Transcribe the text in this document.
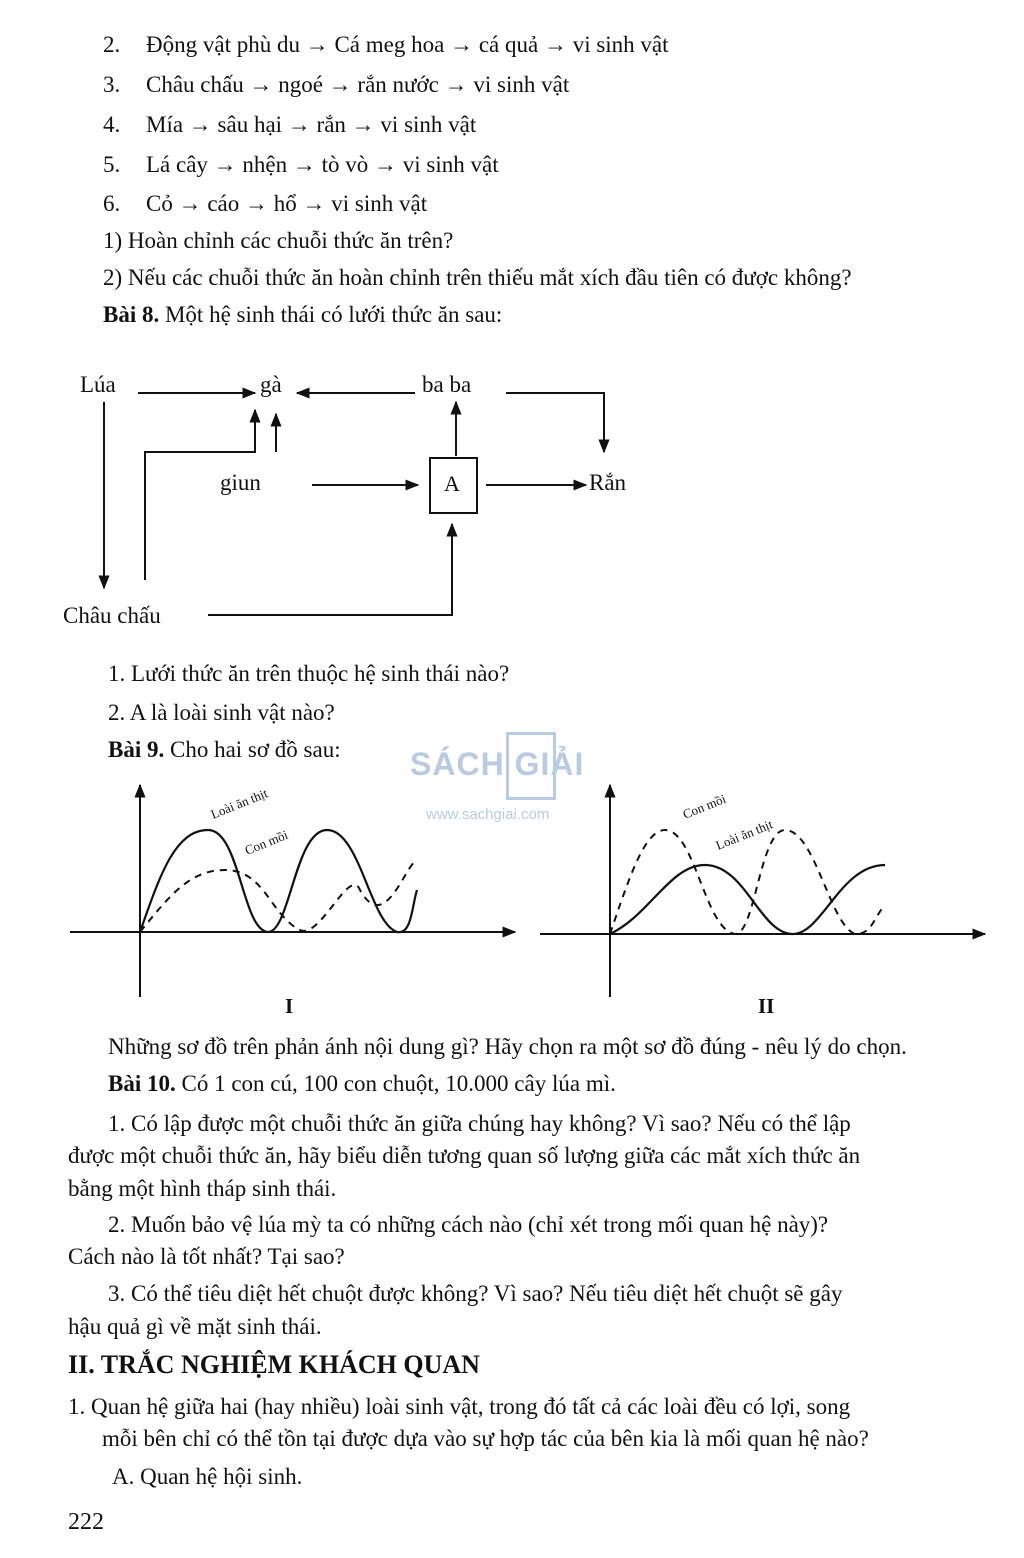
2. Động vật phù du → Cá meg hoa → cá quả → vi sinh vật
3. Châu chấu → ngoé → rắn nước → vi sinh vật
4. Mía → sâu hại → rắn → vi sinh vật
5. Lá cây → nhện → tò vò → vi sinh vật
6. Cỏ → cáo → hổ → vi sinh vật
1) Hoàn chỉnh các chuỗi thức ăn trên?
2) Nếu các chuỗi thức ăn hoàn chỉnh trên thiếu mắt xích đầu tiên có được không?
Bài 8. Một hệ sinh thái có lưới thức ăn sau:
Lúa	gà	ba ba
giun	A	Rắn
Châu chấu
1. Lưới thức ăn trên thuộc hệ sinh thái nào?
2. A là loài sinh vật nào?
Bài 9. Cho hai sơ đồ sau: SÁCH GIẢI
www.sachgiai.com
Loài ăn thịt
Con mồi
I
Con mồi
Loài ăn thịt
II
Những sơ đồ trên phản ánh nội dung gì? Hãy chọn ra một sơ đồ đúng - nêu lý do chọn.
Bài 10. Có 1 con cú, 100 con chuột, 10.000 cây lúa mì.
1. Có lập được một chuỗi thức ăn giữa chúng hay không? Vì sao? Nếu có thể lập
được một chuỗi thức ăn, hãy biểu diễn tương quan số lượng giữa các mắt xích thức ăn
bằng một hình tháp sinh thái.
2. Muốn bảo vệ lúa mỳ ta có những cách nào (chỉ xét trong mối quan hệ này)?
Cách nào là tốt nhất? Tại sao?
3. Có thể tiêu diệt hết chuột được không? Vì sao? Nếu tiêu diệt hết chuột sẽ gây
hậu quả gì về mặt sinh thái.
II. TRẮC NGHIỆM KHÁCH QUAN
1. Quan hệ giữa hai (hay nhiều) loài sinh vật, trong đó tất cả các loài đều có lợi, song
mỗi bên chỉ có thể tồn tại được dựa vào sự hợp tác của bên kia là mối quan hệ nào?
A. Quan hệ hội sinh.
222
